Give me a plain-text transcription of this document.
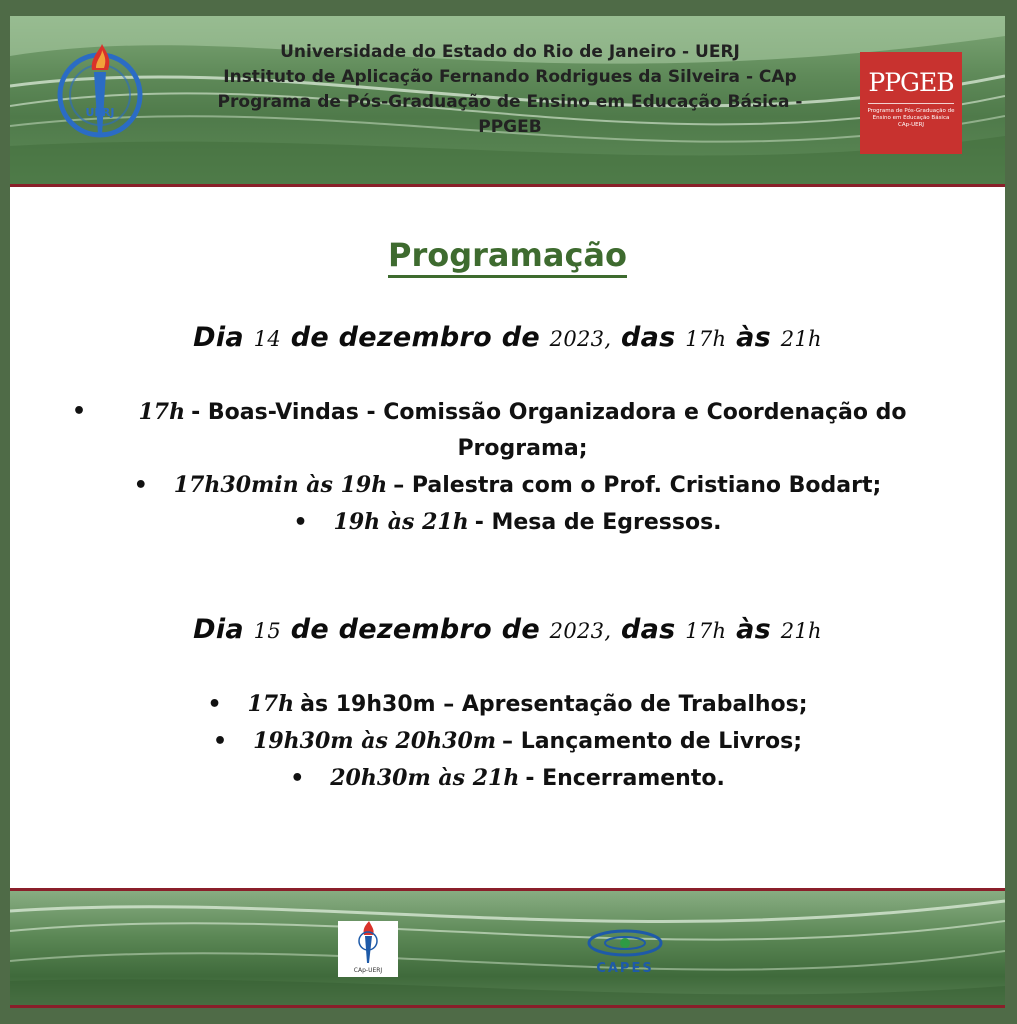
UERJ
Universidade do Estado do Rio de Janeiro - UERJ
Instituto de Aplicação Fernando Rodrigues da Silveira - CAp
Programa de Pós-Graduação de Ensino em Educação Básica -
PPGEB
PPGEB
Programa de Pós-Graduação de Ensino em Educação Básica CAp-UERJ
Programação
Dia 14 de dezembro de 2023, das 17h às 21h
• 17h - Boas-Vindas - Comissão Organizadora e Coordenação do Programa;
• 17h30min às 19h – Palestra com o Prof. Cristiano Bodart;
• 19h às 21h - Mesa de Egressos.
Dia 15 de dezembro de 2023, das 17h às 21h
• 17h às 19h30m – Apresentação de Trabalhos;
• 19h30m às 20h30m – Lançamento de Livros;
• 20h30m às 21h - Encerramento.
CAp-UERJ	CAPES
